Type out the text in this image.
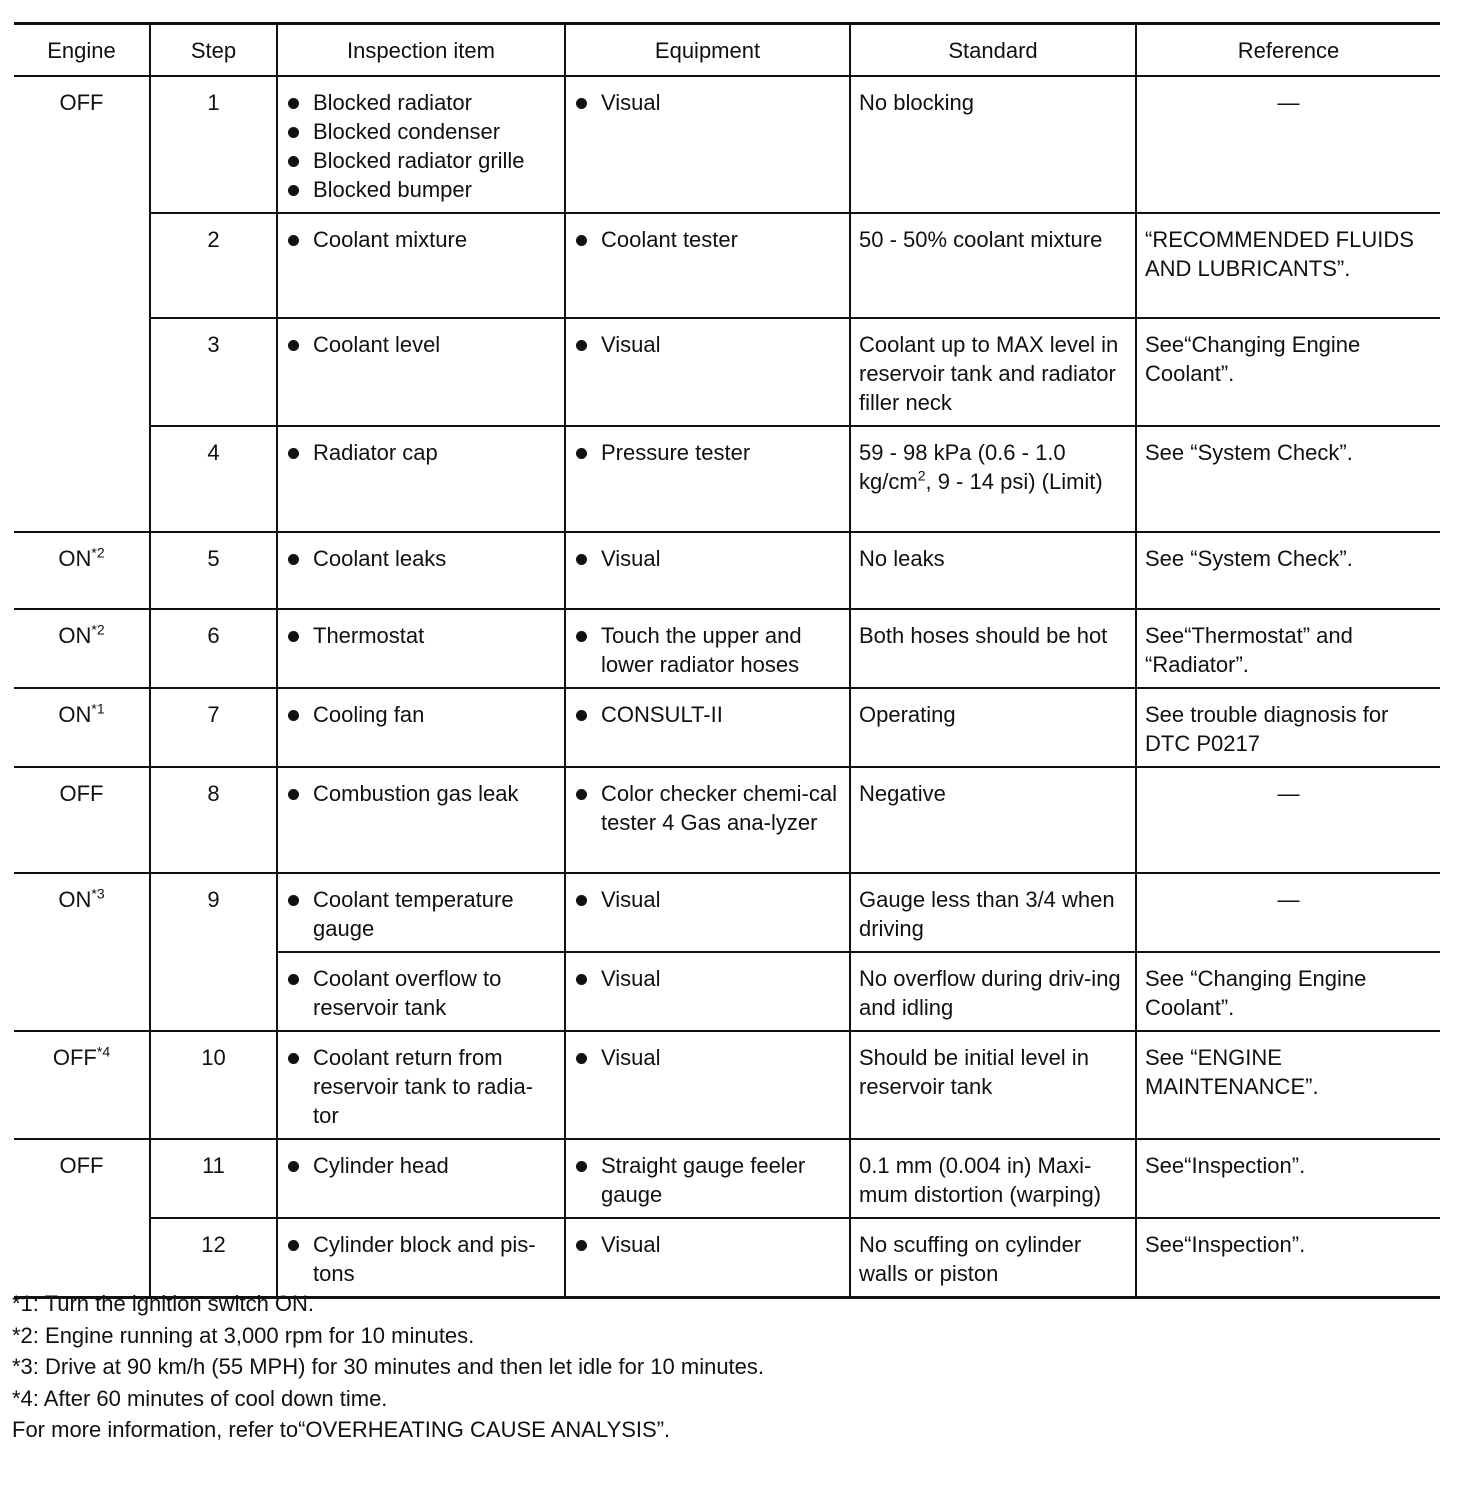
Engine	Step	Inspection item	Equipment	Standard	Reference
OFF	1	Blocked radiator
Blocked condenser
Blocked radiator grille
Blocked bumper	Visual	No blocking	—

	2	Coolant mixture	Coolant tester	50 - 50% coolant mixture	“RECOMMENDED FLUIDS AND LUBRICANTS”.
	3	Coolant level	Visual	Coolant up to MAX level in reservoir tank and radiator filler neck	See“Changing Engine Coolant”.
	4	Radiator cap	Pressure tester	59 - 98 kPa (0.6 - 1.0 $kg/cm^2$, 9 - 14 psi) (Limit)	See “System Check”.
ON$^{*2}$	5	Coolant leaks	Visual	No leaks	See “System Check”.
ON$^{*2}$	6	Thermostat	Touch the upper and lower radiator hoses	Both hoses should be hot	See“Thermostat” and “Radiator”.
ON$^{*1}$	7	Cooling fan	CONSULT-II	Operating	See trouble diagnosis for DTC P0217
OFF	8	Combustion gas leak	Color checker chemi-cal tester 4 Gas ana-lyzer	Negative	—

ON$^{*3}$	9	Coolant temperature gauge	Visual	Gauge less than 3/4 when driving	—

		Coolant overflow to reservoir tank	Visual	No overflow during driv-ing and idling	See “Changing Engine Coolant”.
OFF$^{*4}$	10	Coolant return from reservoir tank to radia-tor	Visual	Should be initial level in reservoir tank	See “ENGINE MAINTENANCE”.
OFF	11	Cylinder head	Straight gauge feeler gauge	0.1 mm (0.004 in) Maxi-mum distortion (warping)	See“Inspection”.
	12	Cylinder block and pis-tons	Visual	No scuffing on cylinder walls or piston	See“Inspection”.
*1: Turn the ignition switch ON.
*2: Engine running at 3,000 rpm for 10 minutes.
*3: Drive at 90 km/h (55 MPH) for 30 minutes and then let idle for 10 minutes.
*4: After 60 minutes of cool down time.
For more information, refer to“OVERHEATING CAUSE ANALYSIS”.
